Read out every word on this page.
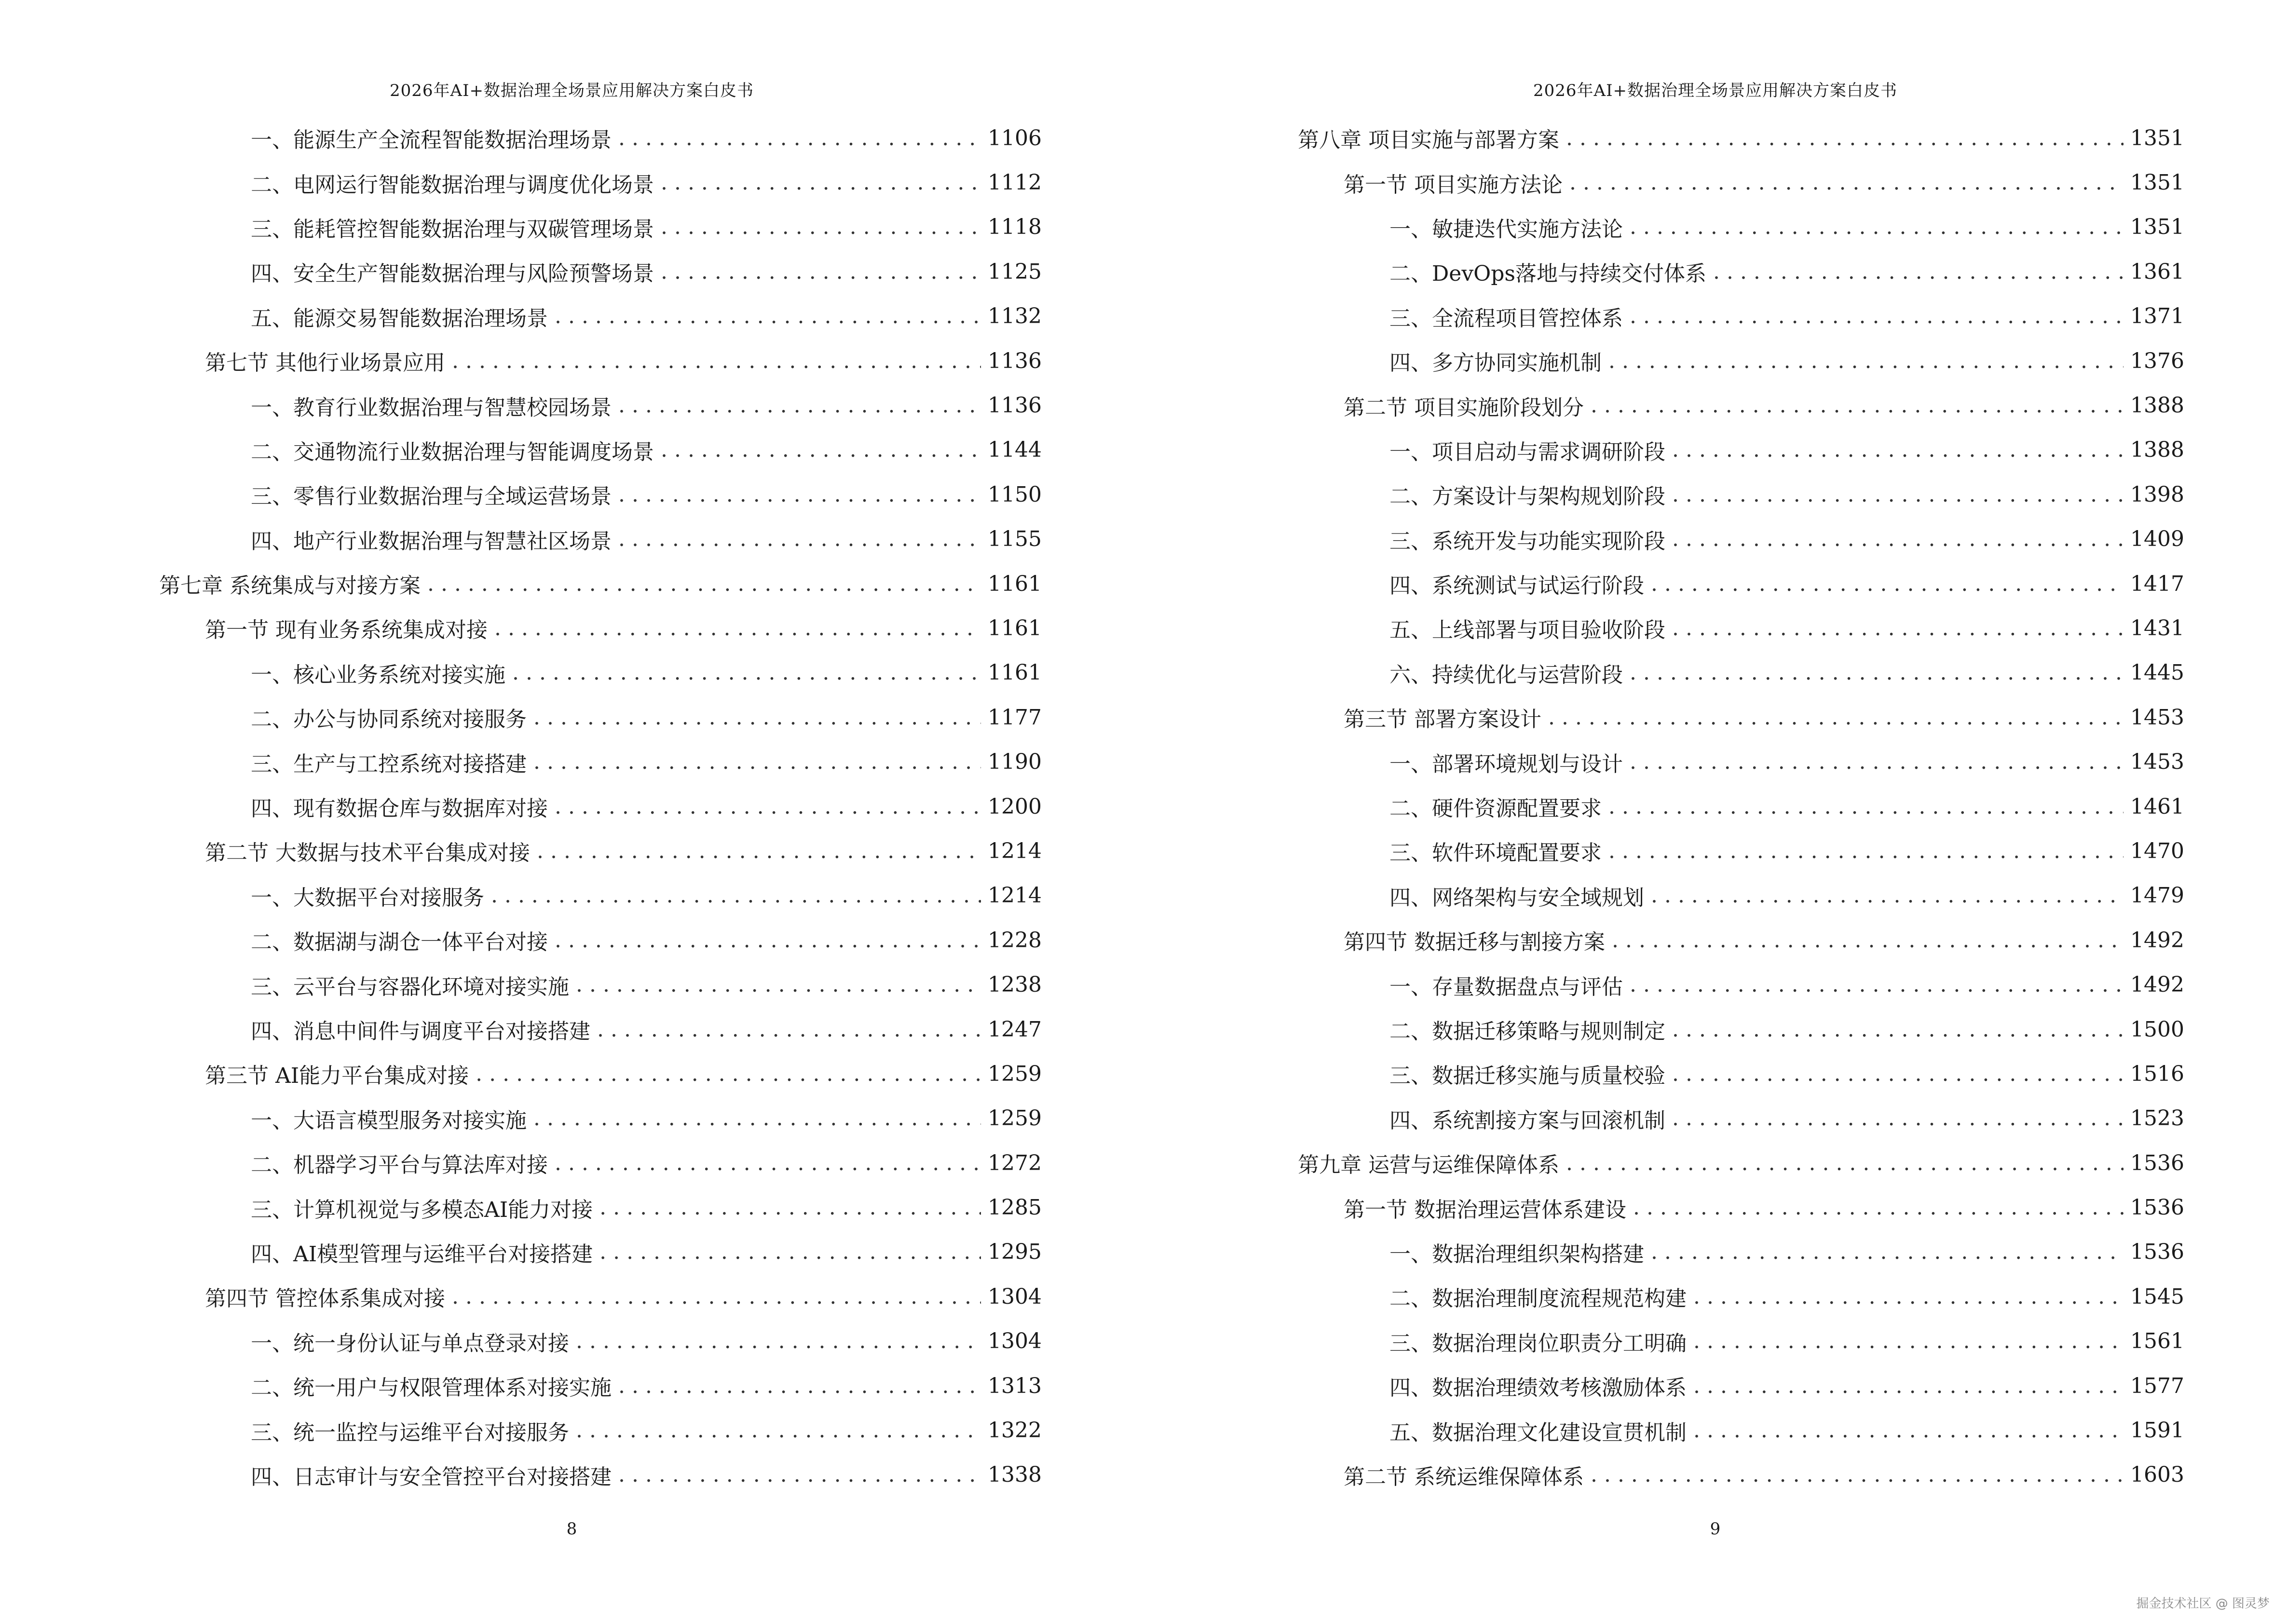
2026年AI+数据治理全场景应用解决方案白皮书
一、能源生产全流程智能数据治理场景 . . .	1106
二、电网运行智能数据治理与调度优化场景 . . .	1112
三、能耗管控智能数据治理与双碳管理场景 . . .	1118
四、安全生产智能数据治理与风险预警场景 . . .	1125
五、能源交易智能数据治理场景 . . .	1132
第七节 其他行业场景应用 . . .	1136
一、教育行业数据治理与智慧校园场景 . . .	1136
二、交通物流行业数据治理与智能调度场景 . . .	1144
三、零售行业数据治理与全域运营场景 . . .	1150
四、地产行业数据治理与智慧社区场景 . . .	1155
第七章 系统集成与对接方案 . . .	1161
第一节 现有业务系统集成对接 . . .	1161
一、核心业务系统对接实施 . . .	1161
二、办公与协同系统对接服务 . . .	1177
三、生产与工控系统对接搭建 . . .	1190
四、现有数据仓库与数据库对接 . . .	1200
第二节 大数据与技术平台集成对接 . . .	1214
一、大数据平台对接服务 . . .	1214
二、数据湖与湖仓一体平台对接 . . .	1228
三、云平台与容器化环境对接实施 . . .	1238
四、消息中间件与调度平台对接搭建 . . .	1247
第三节 AI能力平台集成对接 . . .	1259
一、大语言模型服务对接实施 . . .	1259
二、机器学习平台与算法库对接 . . .	1272
三、计算机视觉与多模态AI能力对接 . . .	1285
四、AI模型管理与运维平台对接搭建 . . .	1295
第四节 管控体系集成对接 . . .	1304
一、统一身份认证与单点登录对接 . . .	1304
二、统一用户与权限管理体系对接实施 . . .	1313
三、统一监控与运维平台对接服务 . . .	1322
四、日志审计与安全管控平台对接搭建 . . .	1338
8
2026年AI+数据治理全场景应用解决方案白皮书
第八章 项目实施与部署方案 . . .	1351
第一节 项目实施方法论 . . .	1351
一、敏捷迭代实施方法论 . . .	1351
二、DevOps落地与持续交付体系 . . .	1361
三、全流程项目管控体系 . . .	1371
四、多方协同实施机制 . . .	1376
第二节 项目实施阶段划分 . . .	1388
一、项目启动与需求调研阶段 . . .	1388
二、方案设计与架构规划阶段 . . .	1398
三、系统开发与功能实现阶段 . . .	1409
四、系统测试与试运行阶段 . . .	1417
五、上线部署与项目验收阶段 . . .	1431
六、持续优化与运营阶段 . . .	1445
第三节 部署方案设计 . . .	1453
一、部署环境规划与设计 . . .	1453
二、硬件资源配置要求 . . .	1461
三、软件环境配置要求 . . .	1470
四、网络架构与安全域规划 . . .	1479
第四节 数据迁移与割接方案 . . .	1492
一、存量数据盘点与评估 . . .	1492
二、数据迁移策略与规则制定 . . .	1500
三、数据迁移实施与质量校验 . . .	1516
四、系统割接方案与回滚机制 . . .	1523
第九章 运营与运维保障体系 . . .	1536
第一节 数据治理运营体系建设 . . .	1536
一、数据治理组织架构搭建 . . .	1536
二、数据治理制度流程规范构建 . . .	1545
三、数据治理岗位职责分工明确 . . .	1561
四、数据治理绩效考核激励体系 . . .	1577
五、数据治理文化建设宣贯机制 . . .	1591
第二节 系统运维保障体系 . . .	1603
9
掘金技术社区 @ 图灵梦
